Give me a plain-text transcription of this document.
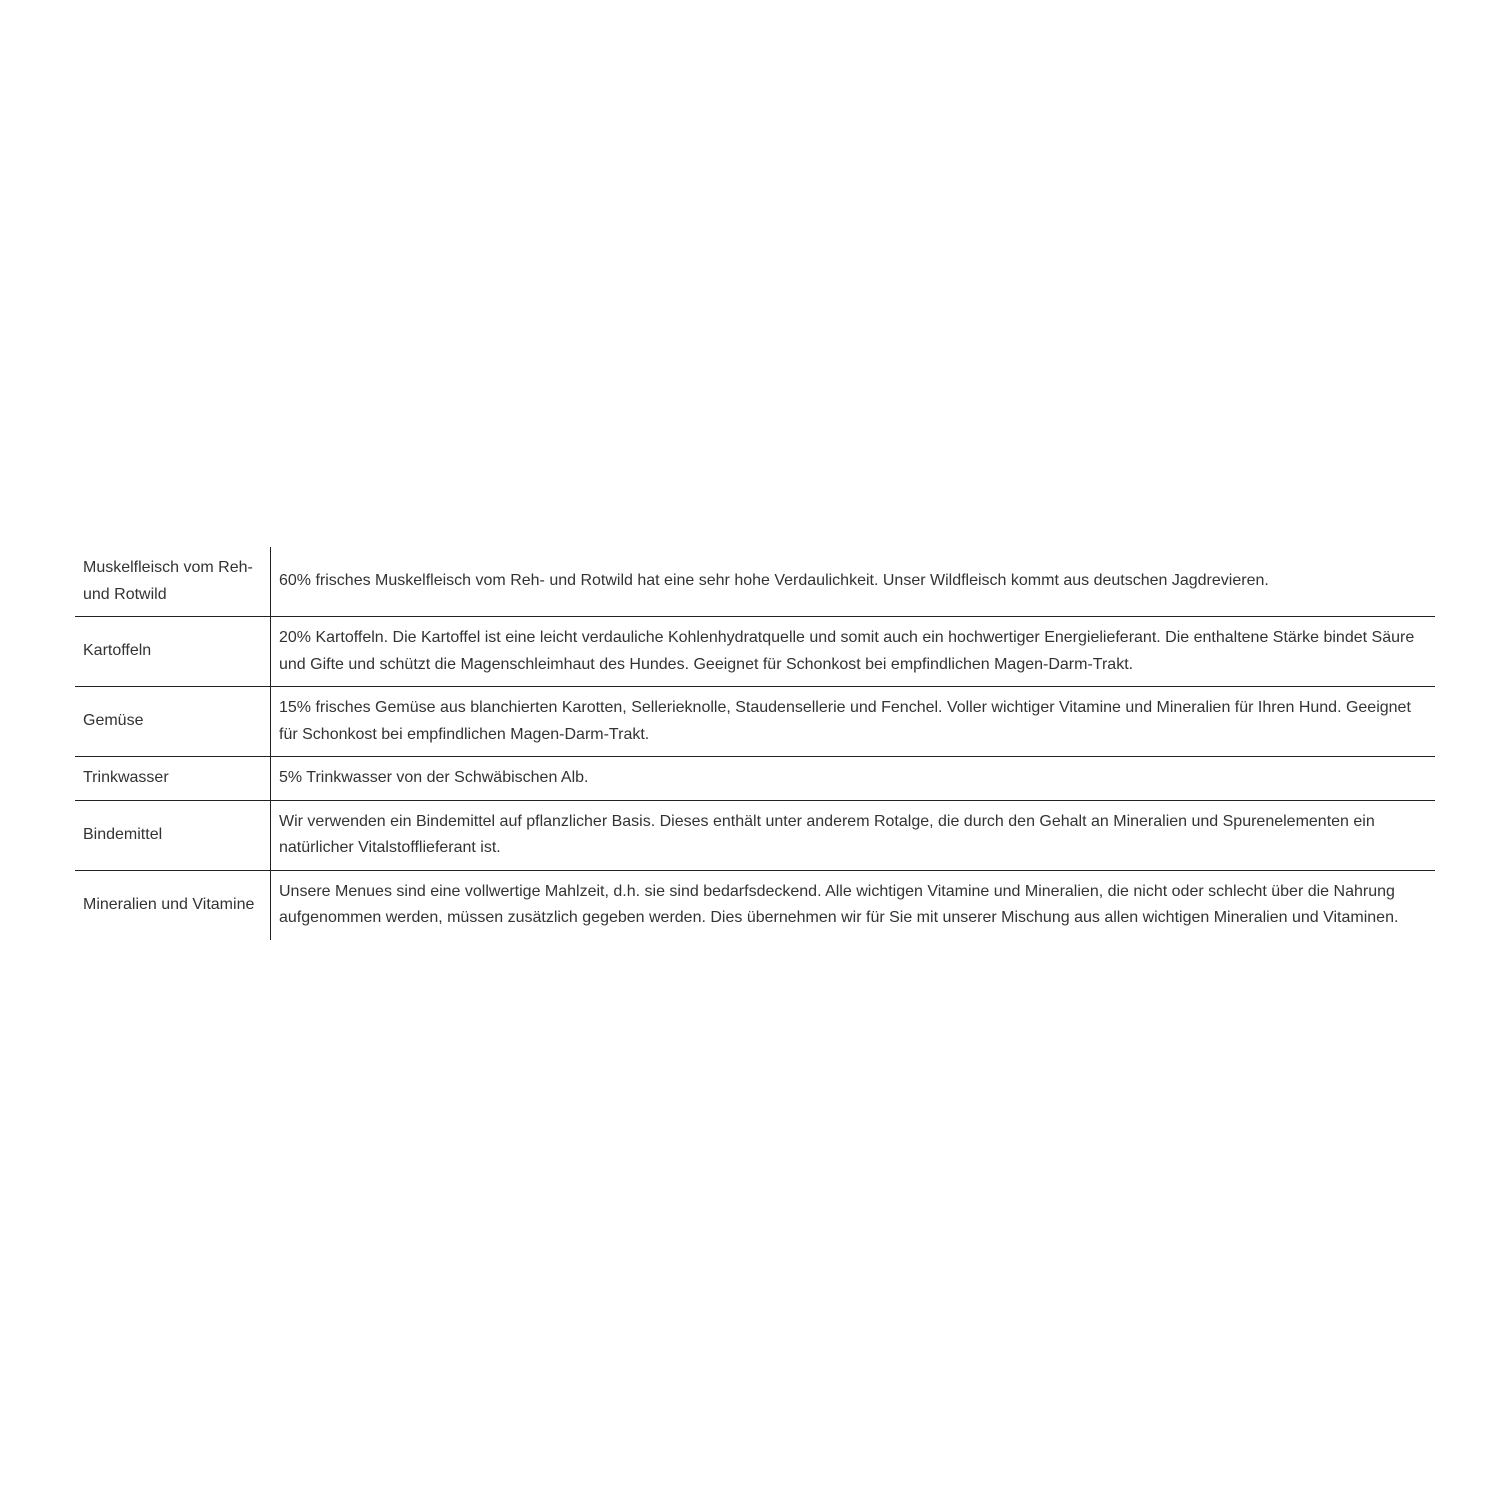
Muskelfleisch vom Reh- und Rotwild	60% frisches Muskelfleisch vom Reh- und Rotwild hat eine sehr hohe Verdaulichkeit. Unser Wildfleisch kommt aus deutschen Jagdrevieren.
Kartoffeln	20% Kartoffeln. Die Kartoffel ist eine leicht verdauliche Kohlenhydratquelle und somit auch ein hochwertiger Energielieferant. Die enthaltene Stärke bindet Säure und Gifte und schützt die Magenschleimhaut des Hundes. Geeignet für Schonkost bei empfindlichen Magen-Darm-Trakt.
Gemüse	15% frisches Gemüse aus blanchierten Karotten, Sellerieknolle, Staudensellerie und Fenchel. Voller wichtiger Vitamine und Mineralien für Ihren Hund. Geeignet für Schonkost bei empfindlichen Magen-Darm-Trakt.
Trinkwasser	5% Trinkwasser von der Schwäbischen Alb.
Bindemittel	Wir verwenden ein Bindemittel auf pflanzlicher Basis. Dieses enthält unter anderem Rotalge, die durch den Gehalt an Mineralien und Spurenelementen ein natürlicher Vitalstofflieferant ist.
Mineralien und Vitamine	Unsere Menues sind eine vollwertige Mahlzeit, d.h. sie sind bedarfsdeckend. Alle wichtigen Vitamine und Mineralien, die nicht oder schlecht über die Nahrung aufgenommen werden, müssen zusätzlich gegeben werden. Dies übernehmen wir für Sie mit unserer Mischung aus allen wichtigen Mineralien und Vitaminen.
